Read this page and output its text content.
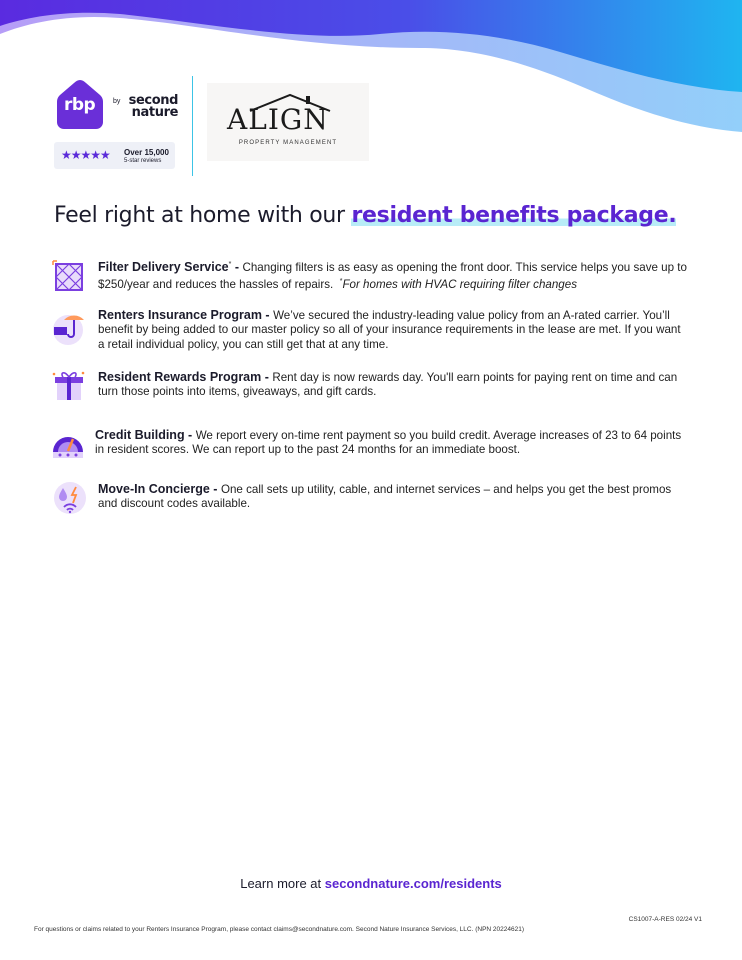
rbp	by second nature
★★★★★ Over 15,000
5-star reviews
ALIGN
PROPERTY MANAGEMENT
Feel right at home with our resident benefits package.
Filter Delivery Service* - Changing filters is as easy as opening the front door. This service helps you save up to $250/year and reduces the hassles of repairs. *For homes with HVAC requiring filter changes
Renters Insurance Program - We’ve secured the industry-leading value policy from an A-rated carrier. You’ll benefit by being added to our master policy so all of your insurance requirements in the lease are met. If you want a retail individual policy, you can still get that at any time.
Resident Rewards Program - Rent day is now rewards day. You'll earn points for paying rent on time and can turn those points into items, giveaways, and gift cards.
Credit Building - We report every on-time rent payment so you build credit. Average increases of 23 to 64 points in resident scores. We can report up to the past 24 months for an immediate boost.
Move-In Concierge - One call sets up utility, cable, and internet services – and helps you get the best promos and discount codes available.
Learn more at secondnature.com/residents
CS1007-A-RES 02/24 V1
For questions or claims related to your Renters Insurance Program, please contact claims@secondnature.com. Second Nature Insurance Services, LLC. (NPN 20224621)
